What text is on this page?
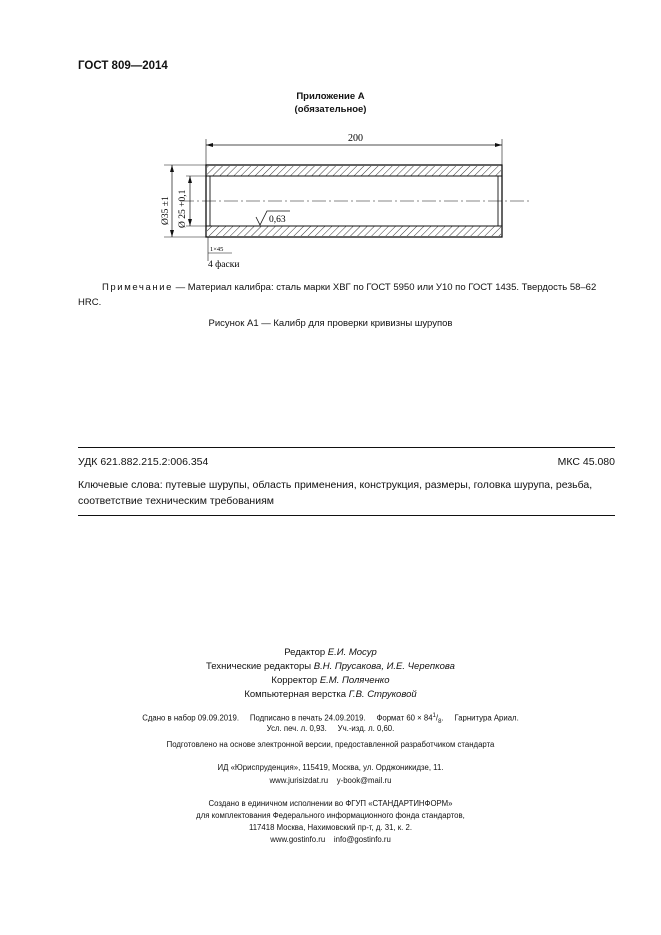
ГОСТ 809—2014
Приложение А
(обязательное)
200
Ø35 ±1 Ø 25 +0,1	0,63
1×45
4 фаски
Примечание — Материал калибра: сталь марки ХВГ по ГОСТ 5950 или У10 по ГОСТ 1435. Твердость 58–62 HRC.
Рисунок А1 — Калибр для проверки кривизны шурупов
УДК 621.882.215.2:006.354	МКС 45.080
Ключевые слова: путевые шурупы, область применения, конструкция, размеры, головка шурупа, резьба, соответствие техническим требованиям
Редактор Е.И. Мосур
Технические редакторы В.Н. Прусакова, И.Е. Черепкова
Корректор Е.М. Поляченко
Компьютерная верстка Г.В. Струковой
Сдано в набор 09.09.2019. Подписано в печать 24.09.2019. Формат $60 \times 84^1/_8$.     Гарнитура Ариал.
Усл. печ. л. 0,93. Уч.-изд. л. 0,60.
Подготовлено на основе электронной версии, предоставленной разработчиком стандарта
ИД «Юриспруденция», 115419, Москва, ул. Орджоникидзе, 11.
www.jurisizdat.ru y-book@mail.ru
Создано в единичном исполнении во ФГУП «СТАНДАРТИНФОРМ»
для комплектования Федерального информационного фонда стандартов,
117418 Москва, Нахимовский пр-т, д. 31, к. 2.
www.gostinfo.ru info@gostinfo.ru
